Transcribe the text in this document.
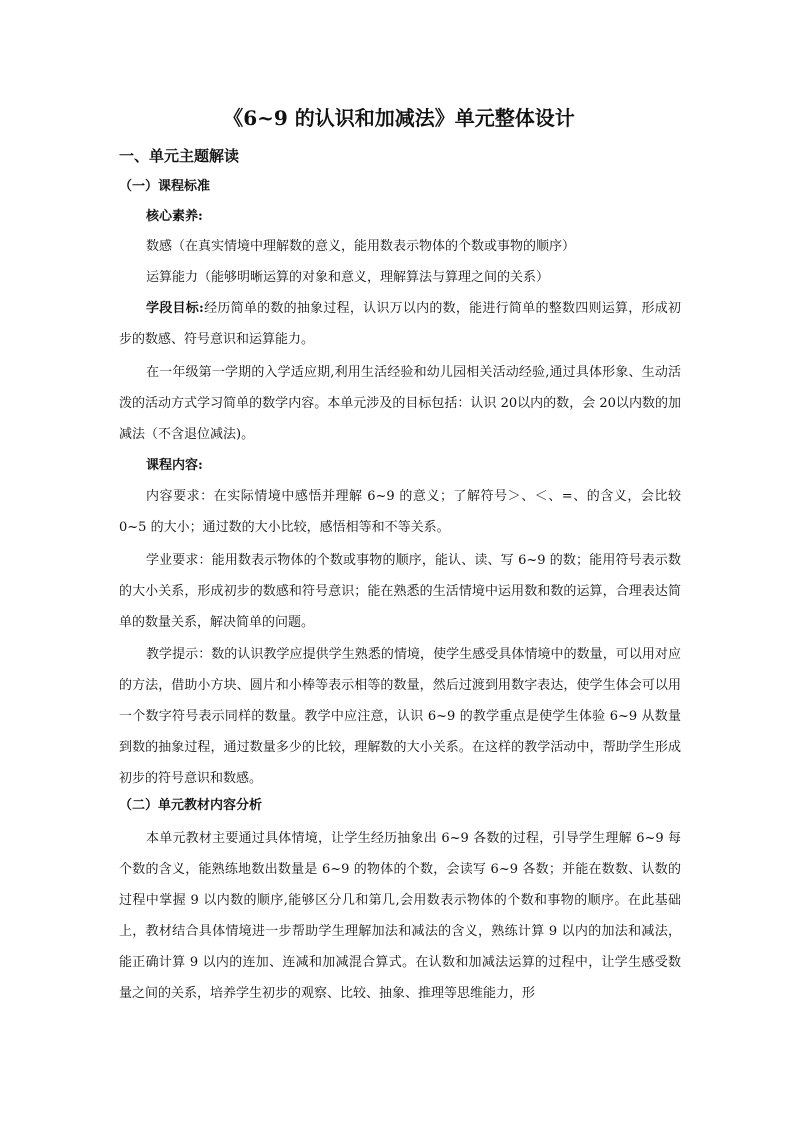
《6~9 的认识和加减法》单元整体设计
一、单元主题解读
（一）课程标准
核心素养:
数感（在真实情境中理解数的意义，能用数表示物体的个数或事物的顺序）
运算能力（能够明晰运算的对象和意义，理解算法与算理之间的关系）

学段目标:经历简单的数的抽象过程，认识万以内的数，能进行简单的整数四则运算，形成初步的数感、符号意识和运算能力。

在一年级第一学期的入学适应期,利用生活经验和幼儿园相关活动经验,通过具体形象、生动活泼的活动方式学习简单的数学内容。本单元涉及的目标包括：认识 20以内的数，会 20以内数的加减法（不含退位减法)。

课程内容:

内容要求：在实际情境中感悟并理解 6~9 的意义；了解符号＞、＜、=、的含义，会比较 0~5 的大小；通过数的大小比较，感悟相等和不等关系。

学业要求：能用数表示物体的个数或事物的顺序，能认、读、写 6~9 的数；能用符号表示数的大小关系，形成初步的数感和符号意识；能在熟悉的生活情境中运用数和数的运算，合理表达简单的数量关系，解决简单的问题。

教学提示：数的认识教学应提供学生熟悉的情境，使学生感受具体情境中的数量，可以用对应的方法，借助小方块、圆片和小棒等表示相等的数量，然后过渡到用数字表达，使学生体会可以用一个数字符号表示同样的数量。教学中应注意，认识 6~9 的教学重点是使学生体验 6~9 从数量到数的抽象过程，通过数量多少的比较，理解数的大小关系。在这样的教学活动中，帮助学生形成初步的符号意识和数感。

（二）单元教材内容分析

本单元教材主要通过具体情境，让学生经历抽象出 6~9 各数的过程，引导学生理解 6~9 每个数的含义，能熟练地数出数量是 6~9 的物体的个数，会读写 6~9 各数；并能在数数、认数的过程中掌握 9 以内数的顺序,能够区分几和第几,会用数表示物体的个数和事物的顺序。在此基础上，教材结合具体情境进一步帮助学生理解加法和减法的含义，熟练计算 9 以内的加法和减法，能正确计算 9 以内的连加、连减和加减混合算式。在认数和加减法运算的过程中，让学生感受数量之间的关系，培养学生初步的观察、比较、抽象、推理等思维能力，形
